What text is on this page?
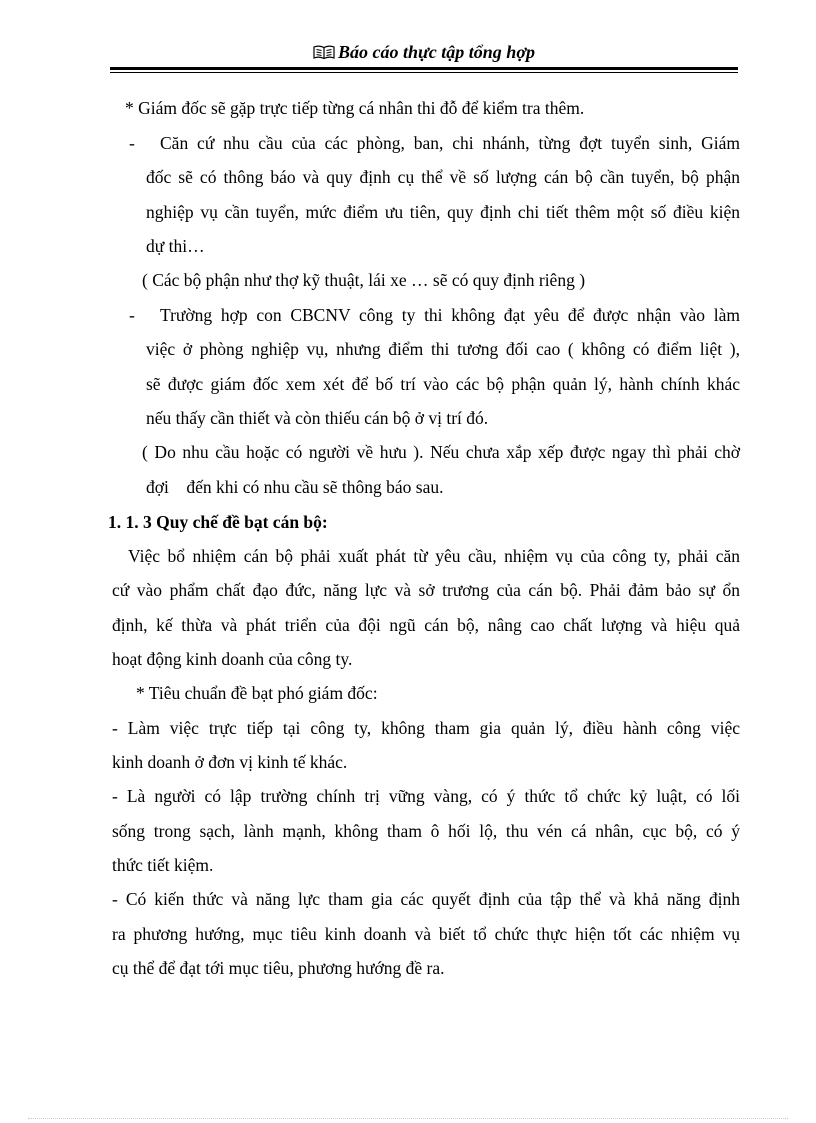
Báo cáo thực tập tổng hợp
* Giám đốc sẽ gặp trực tiếp từng cá nhân thi đỗ để kiểm tra thêm.
- Căn cứ nhu cầu của các phòng, ban, chi nhánh, từng đợt tuyển sinh, Giám
đốc sẽ có thông báo và quy định cụ thể về số lượng cán bộ cần tuyển, bộ phận
nghiệp vụ cần tuyển, mức điểm ưu tiên, quy định chi tiết thêm một số điều kiện
dự thi…
( Các bộ phận như thợ kỹ thuật, lái xe … sẽ có quy định riêng )
- Trường hợp con CBCNV công ty thi không đạt yêu để được nhận vào làm
việc ở phòng nghiệp vụ, nhưng điểm thi tương đối cao ( không có điểm liệt ),
sẽ được giám đốc xem xét để bố trí vào các bộ phận quản lý, hành chính khác
nếu thấy cần thiết và còn thiếu cán bộ ở vị trí đó.
( Do nhu cầu hoặc có người về hưu ). Nếu chưa xắp xếp được ngay thì phải chờ
đợi    đến khi có nhu cầu sẽ thông báo sau.
1. 1. 3 Quy chế đề bạt cán bộ:
Việc bổ nhiệm cán bộ phải xuất phát từ yêu cầu, nhiệm vụ của công ty, phải căn
cứ vào phẩm chất đạo đức, năng lực và sở trương của cán bộ. Phải đảm bảo sự ổn
định, kế thừa và phát triển của đội ngũ cán bộ, nâng cao chất lượng và hiệu quả
hoạt động kinh doanh của công ty.
* Tiêu chuẩn đề bạt phó giám đốc:
- Làm việc trực tiếp tại công ty, không tham gia quản lý, điều hành công việc
kinh doanh ở đơn vị kinh tế khác.
- Là người có lập trường chính trị vững vàng, có ý thức tổ chức kỷ luật, có lối
sống trong sạch, lành mạnh, không tham ô hối lộ, thu vén cá nhân, cục bộ, có ý
thức tiết kiệm.
- Có kiến thức và năng lực tham gia các quyết định của tập thể và khả năng định
ra phương hướng, mục tiêu kinh doanh và biết tổ chức thực hiện tốt các nhiệm vụ
cụ thể để đạt tới mục tiêu, phương hướng đề ra.
